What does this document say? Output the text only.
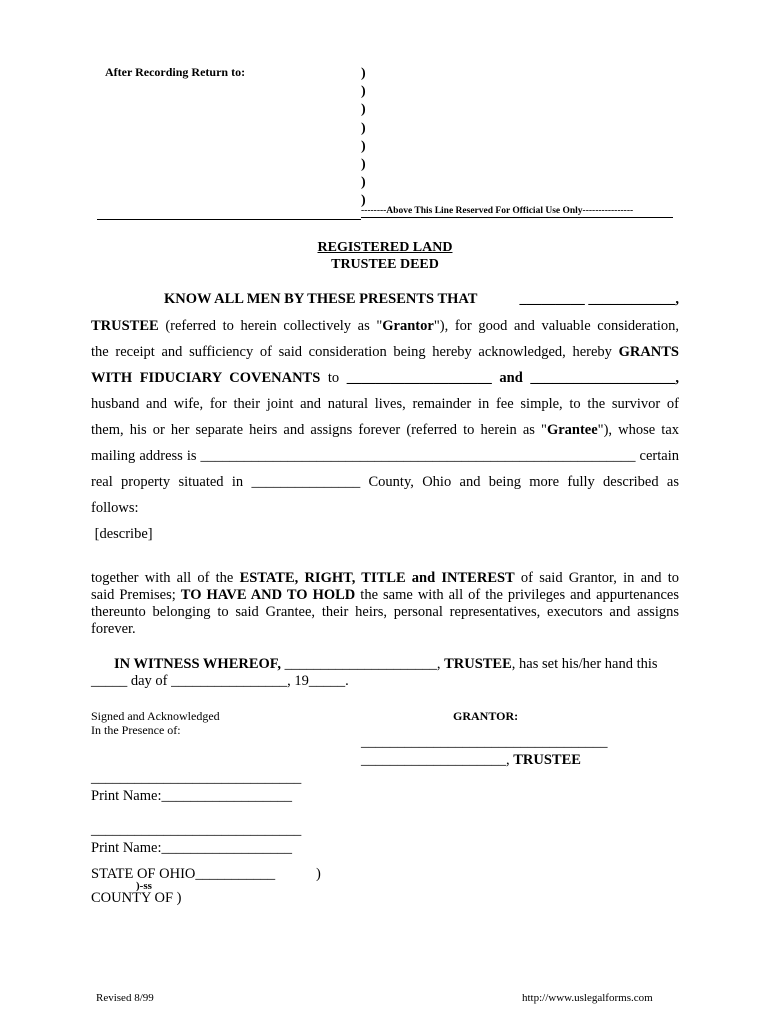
After Recording Return to:	)
)
)
)
)
)
)
)
--------Above This Line Reserved For Official Use Only----------------
REGISTERED LAND
TRUSTEE DEED
KNOW ALL MEN BY THESE PRESENTS THAT	_________ ____________,
TRUSTEE (referred to herein collectively as "Grantor"), for good and valuable consideration,
the receipt and sufficiency of said consideration being hereby acknowledged, hereby GRANTS
WITH FIDUCIARY COVENANTS to ____________________ and ____________________,
husband and wife, for their joint and natural lives, remainder in fee simple, to the survivor of
them, his or her separate heirs and assigns forever (referred to herein as "Grantee"), whose tax
mailing address is ____________________________________________________________ certain
real property situated in _______________ County, Ohio and being more fully described as
follows:
[describe]
together with all of the ESTATE, RIGHT, TITLE and INTEREST of said Grantor, in and to
said Premises; TO HAVE AND TO HOLD the same with all of the privileges and appurtenances
thereunto belonging to said Grantee, their heirs, personal representatives, executors and assigns
forever.
IN WITNESS WHEREOF, _____________________, TRUSTEE, has set his/her hand this
_____ day of ________________, 19_____.
Signed and Acknowledged
In the Presence of:
GRANTOR:
__________________________________
____________________, TRUSTEE
_____________________________
Print Name:__________________
_____________________________
Print Name:__________________
STATE OF OHIO___________	)
)-ss
COUNTY OF )
Revised 8/99	http://www.uslegalforms.com
